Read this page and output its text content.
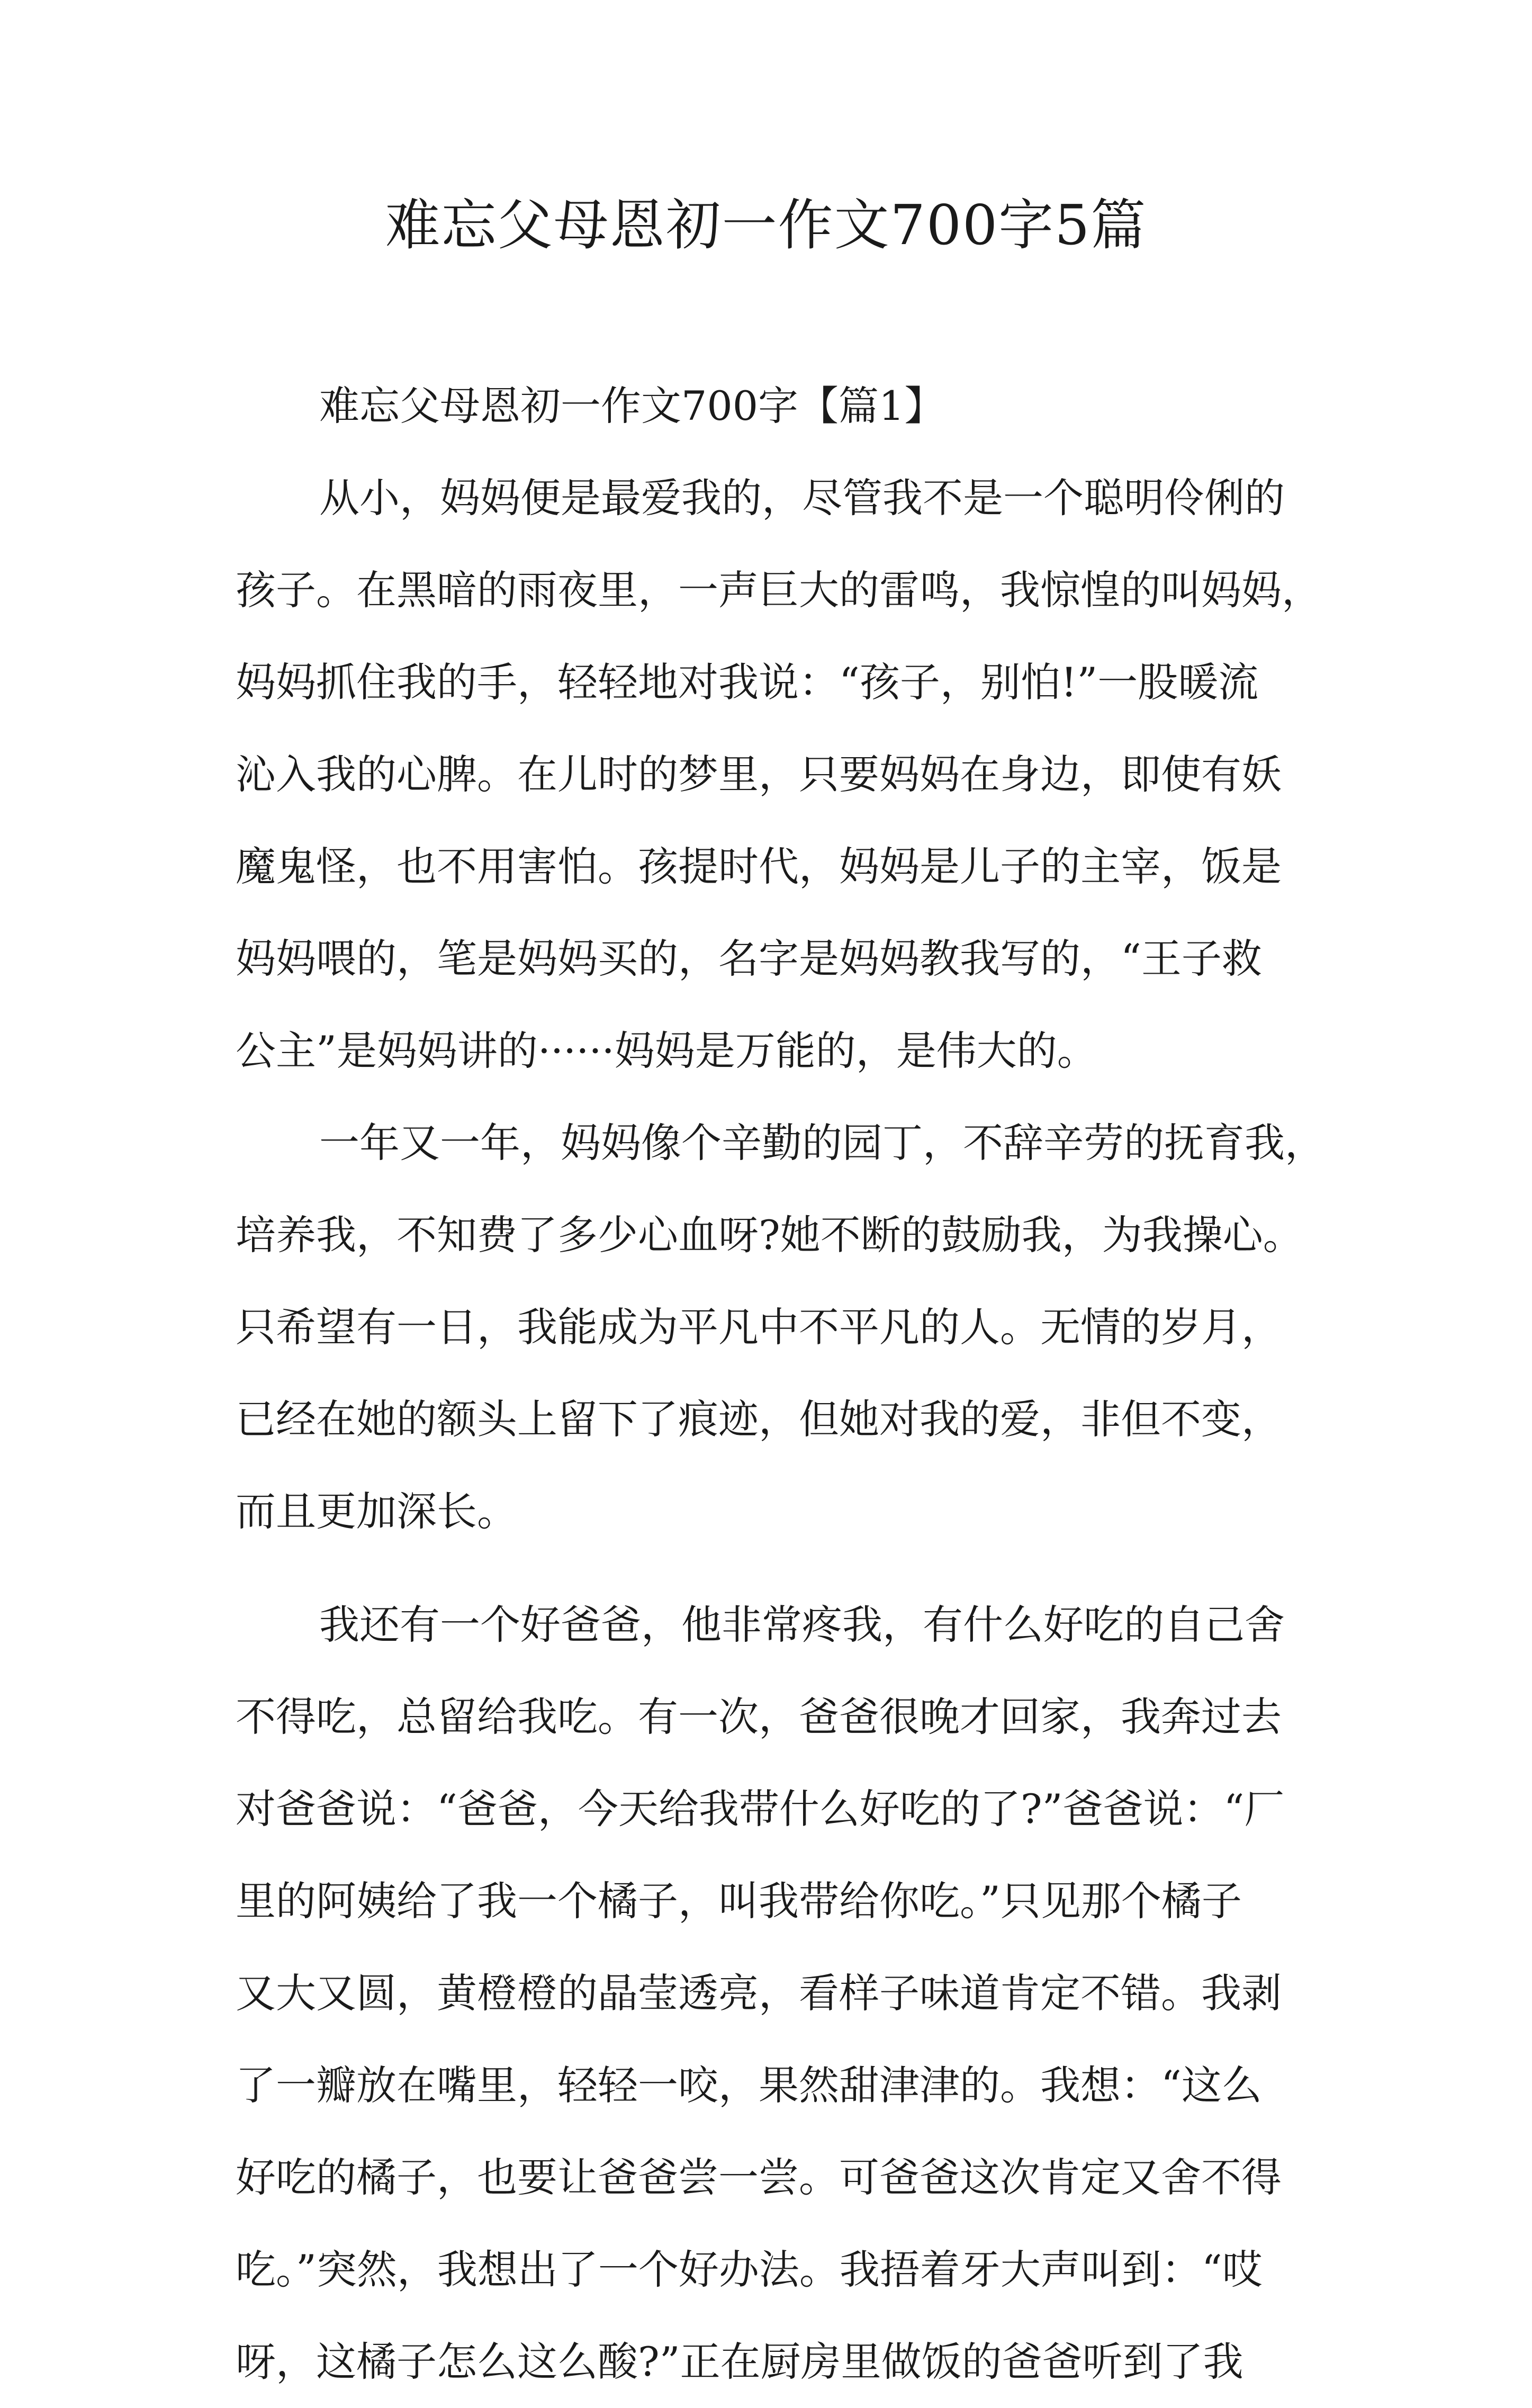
难忘父母恩初一作文700字5篇
难忘父母恩初一作文700字【篇1】
从小，妈妈便是最爱我的，尽管我不是一个聪明伶俐的
孩子。在黑暗的雨夜里，一声巨大的雷鸣，我惊惶的叫妈妈，
妈妈抓住我的手，轻轻地对我说：“孩子，别怕!”一股暖流
沁入我的心脾。在儿时的梦里，只要妈妈在身边，即使有妖
魔鬼怪，也不用害怕。孩提时代，妈妈是儿子的主宰，饭是
妈妈喂的，笔是妈妈买的，名字是妈妈教我写的，“王子救
公主”是妈妈讲的······妈妈是万能的，是伟大的。
一年又一年，妈妈像个辛勤的园丁，不辞辛劳的抚育我，
培养我，不知费了多少心血呀?她不断的鼓励我，为我操心。
只希望有一日，我能成为平凡中不平凡的人。无情的岁月，
已经在她的额头上留下了痕迹，但她对我的爱，非但不变，
而且更加深长。
我还有一个好爸爸，他非常疼我，有什么好吃的自己舍
不得吃，总留给我吃。有一次，爸爸很晚才回家，我奔过去
对爸爸说：“爸爸，今天给我带什么好吃的了?”爸爸说：“厂
里的阿姨给了我一个橘子，叫我带给你吃。”只见那个橘子
又大又圆，黄橙橙的晶莹透亮，看样子味道肯定不错。我剥
了一瓣放在嘴里，轻轻一咬，果然甜津津的。我想：“这么
好吃的橘子，也要让爸爸尝一尝。可爸爸这次肯定又舍不得
吃。”突然，我想出了一个好办法。我捂着牙大声叫到：“哎
呀，这橘子怎么这么酸?”正在厨房里做饭的爸爸听到了我
